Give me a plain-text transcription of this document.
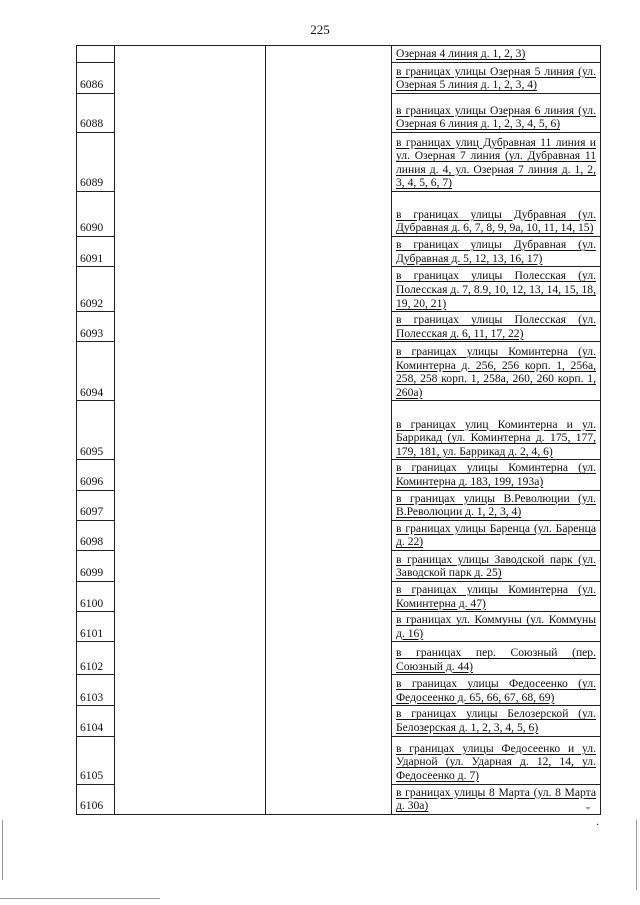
225
			Озерная 4 линия д. 1, 2, 3)
6086			в границах улицы Озерная 5 линия (ул. Озерная 5 линия д. 1, 2, 3, 4)
6088			в границах улицы Озерная 6 линия (ул. Озерная 6 линия д. 1, 2, 3, 4, 5, 6)
6089			в границах улиц Дубравная 11 линия и ул. Озерная 7 линия (ул. Дубравная 11 линия д. 4, ул. Озерная 7 линия д. 1, 2, 3, 4, 5, 6, 7)
6090			в границах улицы Дубравная (ул. Дубравная д. 6, 7, 8, 9, 9а, 10, 11, 14, 15)
6091			в границах улицы Дубравная (ул. Дубравная д. 5, 12, 13, 16, 17)
6092			в границах улицы Полесская (ул. Полесская д. 7, 8.9, 10, 12, 13, 14, 15, 18, 19, 20, 21)
6093			в границах улицы Полесская (ул. Полесская д. 6, 11, 17, 22)
6094			в границах улицы Коминтерна (ул. Коминтерна д. 256, 256 корп. 1, 256а, 258, 258 корп. 1, 258а, 260, 260 корп. 1, 260а)
6095			в границах улиц Коминтерна и ул. Баррикад (ул. Коминтерна д. 175, 177, 179, 181, ул. Баррикад д. 2, 4, 6)
6096			в границах улицы Коминтерна (ул. Коминтерна д. 183, 199, 193а)
6097			в границах улицы В.Революции (ул. В.Революции д. 1, 2, 3, 4)
6098			в границах улицы Баренца (ул. Баренца д. 22)
6099			в границах улицы Заводской парк (ул. Заводской парк д. 25)
6100			в границах улицы Коминтерна (ул. Коминтерна д. 47)
6101			в границах ул. Коммуны (ул. Коммуны д. 16)
6102			в границах пер. Союзный (пер. Союзный д. 44)
6103			в границах улицы Федосеенко (ул. Федосеенко д. 65, 66, 67, 68, 69)
6104			в границах улицы Белозерской (ул. Белозерская д. 1, 2, 3, 4, 5, 6)
6105			в границах улицы Федосеенко и ул. Ударной (ул. Ударная д. 12, 14, ул. Федосеенко д. 7)
6106			в границах улицы 8 Марта (ул. 8 Марта д. 30а)	"
.
